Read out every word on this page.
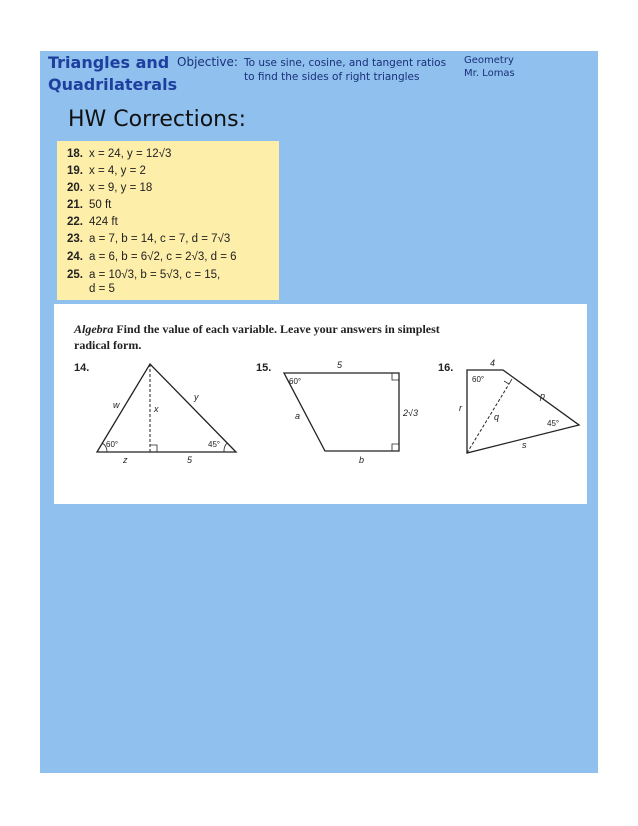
Triangles and
Quadrilaterals
Objective: To use sine, cosine, and tangent ratios
to find the sides of right triangles
Geometry
Mr. Lomas
HW Corrections:
18. x = 24, y = 12√3
19. x = 4, y = 2
20. x = 9, y = 18
21. 50 ft
22. 424 ft
23. a = 7, b = 14, c = 7, d = 7√3
24. a = 6, b = 6√2, c = 2√3, d = 6
25. a = 10√3, b = 5√3, c = 15,
d = 5

Algebra Find the value of each variable. Leave your answers in simplest radical form.

14.
w	x
y
z	5
60°	45°
15.	5
60°
a
b
2√3
16.	4
60°
p
q
r
s
45°
